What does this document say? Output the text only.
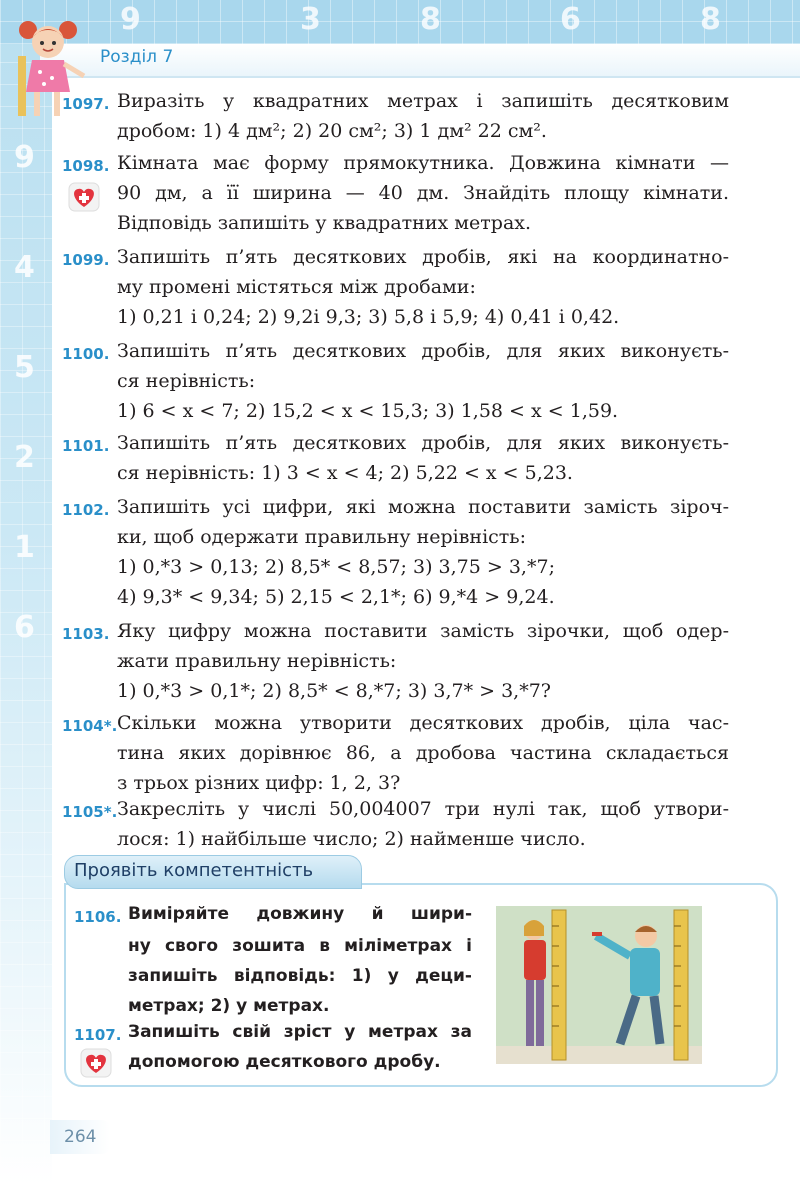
9
4
5
2
1
6
9	3	8	6	8
Розділ 7
1097. Виразіть у квадратних метрах і запишіть десятковим
дробом: 1) 4 дм²; 2) 20 см²; 3) 1 дм² 22 см².
1098. Кімната має форму прямокутника. Довжина кімнати —
90 дм, а її ширина — 40 дм. Знайдіть площу кімнати.
Відповідь запишіть у квадратних метрах.
1099. Запишіть п’ять десяткових дробів, які на координатно-
му промені містяться між дробами:
1) 0,21 і 0,24; 2) 9,2і 9,3; 3) 5,8 і 5,9; 4) 0,41 і 0,42.
1100. Запишіть п’ять десяткових дробів, для яких виконуєть-
ся нерівність:
1) 6 < x < 7; 2) 15,2 < x < 15,3; 3) 1,58 < x < 1,59.
1101. Запишіть п’ять десяткових дробів, для яких виконуєть-
ся нерівність: 1) 3 < x < 4; 2) 5,22 < x < 5,23.
1102. Запишіть усі цифри, які можна поставити замість зіроч-
ки, щоб одержати правильну нерівність:
1) 0,*3 > 0,13; 2) 8,5* < 8,57; 3) 3,75 > 3,*7;
4) 9,3* < 9,34; 5) 2,15 < 2,1*; 6) 9,*4 > 9,24.
1103. Яку цифру можна поставити замість зірочки, щоб одер-
жати правильну нерівність:
1) 0,*3 > 0,1*; 2) 8,5* < 8,*7; 3) 3,7* > 3,*7?
1104*. Скільки можна утворити десяткових дробів, ціла час-
тина яких дорівнює 86, а дробова частина складається
з трьох різних цифр: 1, 2, 3?
1105*. Закресліть у числі 50,004007 три нулі так, щоб утвори-
лося: 1) найбільше число; 2) найменше число.
Проявіть компетентність
1106. Виміряйте довжину й шири-
ну свого зошита в міліметрах і
запишіть відповідь: 1) у деци-
метрах; 2) у метрах.
1107. Запишіть свій зріст у метрах за
допомогою десяткового дробу.
264
